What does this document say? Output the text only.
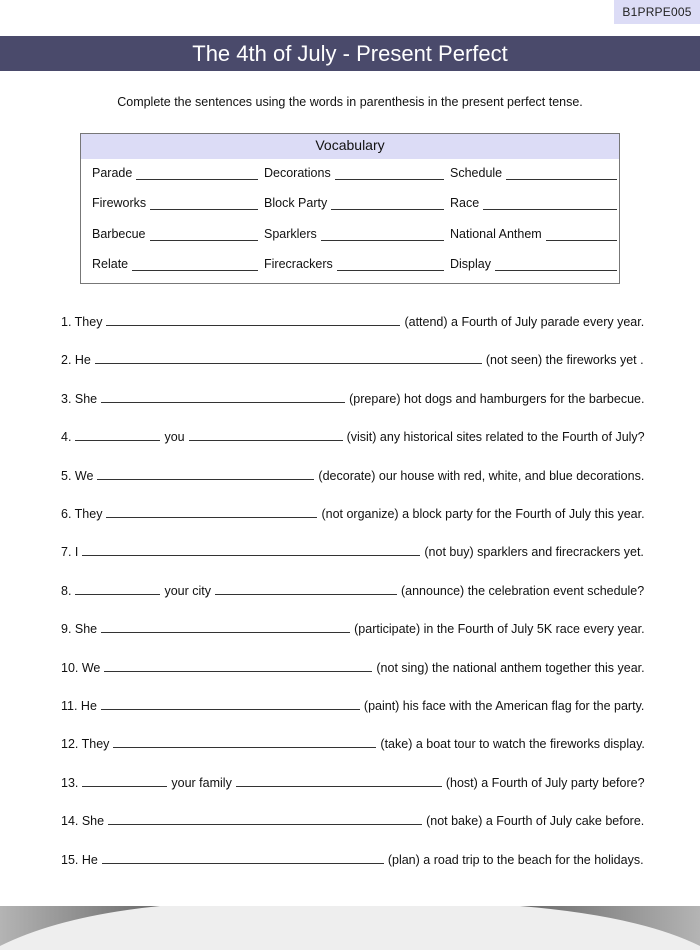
B1PRPE005
The 4th of July - Present Perfect
Complete the sentences using the words in parenthesis in the present perfect tense.
Vocabulary
Parade	Decorations	Schedule
Fireworks	Block Party	Race
Barbecue	Sparklers	National Anthem
Relate	Firecrackers	Display
1. They	(attend) a Fourth of July parade every year.
2. He	(not seen) the fireworks yet .
3. She	(prepare) hot dogs and hamburgers for the barbecue.
4.	you	(visit) any historical sites related to the Fourth of July?
5. We	(decorate) our house with red, white, and blue decorations.
6. They	(not organize) a block party for the Fourth of July this year.
7. I	(not buy) sparklers and firecrackers yet.
8.	your city	(announce) the celebration event schedule?
9. She	(participate) in the Fourth of July 5K race every year.
10. We	(not sing) the national anthem together this year.
11. He	(paint) his face with the American flag for the party.
12. They	(take) a boat tour to watch the fireworks display.
13.	your family	(host) a Fourth of July party before?
14. She	(not bake) a Fourth of July cake before.
15. He	(plan) a road trip to the beach for the holidays.
